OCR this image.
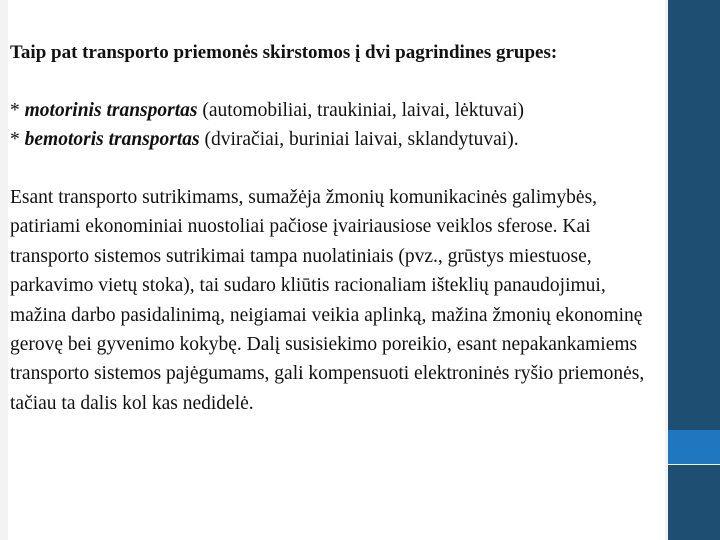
Taip pat transporto priemonės skirstomos į dvi pagrindines grupes:

* motorinis transportas (automobiliai, traukiniai, laivai, lėktuvai)

* bemotoris transportas (dviračiai, buriniai laivai, sklandytuvai).

Esant transporto sutrikimams, sumažėja žmonių komunikacinės galimybės, patiriami ekonominiai nuostoliai pačiose įvairiausiose veiklos sferose. Kai transporto sistemos sutrikimai tampa nuolatiniais (pvz., grūstys miestuose, parkavimo vietų stoka), tai sudaro kliūtis racionaliam išteklių panaudojimui, mažina darbo pasidalinimą, neigiamai veikia aplinką, mažina žmonių ekonominę gerovę bei gyvenimo kokybę. Dalį susisiekimo poreikio, esant nepakankamiems transporto sistemos pajėgumams, gali kompensuoti elektroninės ryšio priemonės, tačiau ta dalis kol kas nedidelė.
